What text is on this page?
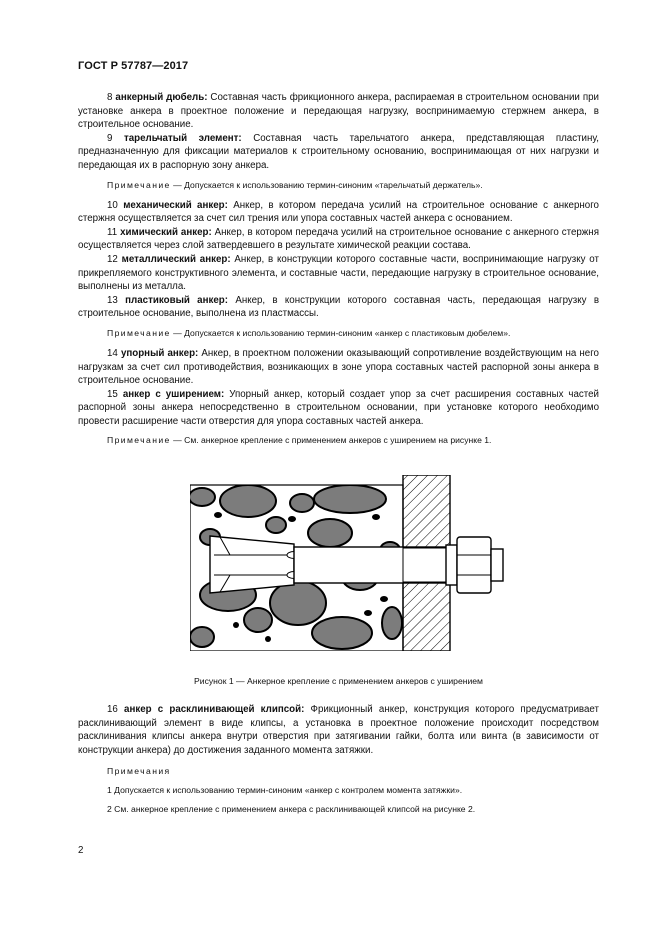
ГОСТ Р 57787—2017

8 анкерный дюбель: Составная часть фрикционного анкера, распираемая в строительном основании при установке анкера в проектное положение и передающая нагрузку, воспринимаемую стержнем анкера, в строительное основание.

9 тарельчатый элемент: Составная часть тарельчатого анкера, представляющая пластину, предназначенную для фиксации материалов к строительному основанию, воспринимающая от них нагрузки и передающая их в распорную зону анкера.

Примечание — Допускается к использованию термин-синоним «тарельчатый держатель».

10 механический анкер: Анкер, в котором передача усилий на строительное основание с анкерного стержня осуществляется за счет сил трения или упора составных частей анкера с основанием.

11 химический анкер: Анкер, в котором передача усилий на строительное основание с анкерного стержня осуществляется через слой затвердевшего в результате химической реакции состава.

12 металлический анкер: Анкер, в конструкции которого составные части, воспринимающие нагрузку от прикрепляемого конструктивного элемента, и составные части, передающие нагрузку в строительное основание, выполнены из металла.

13 пластиковый анкер: Анкер, в конструкции которого составная часть, передающая нагрузку в строительное основание, выполнена из пластмассы.

Примечание — Допускается к использованию термин-синоним «анкер с пластиковым дюбелем».

14 упорный анкер: Анкер, в проектном положении оказывающий сопротивление воздействующим на него нагрузкам за счет сил противодействия, возникающих в зоне упора составных частей распорной зоны анкера в строительное основание.

15 анкер с уширением: Упорный анкер, который создает упор за счет расширения составных частей распорной зоны анкера непосредственно в строительном основании, при установке которого необходимо провести расширение части отверстия для упора составных частей анкера.

Примечание — См. анкерное крепление с применением анкеров с уширением на рисунке 1.
Рисунок 1 — Анкерное крепление с применением анкеров с уширением

16 анкер с расклинивающей клипсой: Фрикционный анкер, конструкция которого предусматривает расклинивающий элемент в виде клипсы, а установка в проектное положение происходит посредством расклинивания клипсы анкера внутри отверстия при затягивании гайки, болта или винта (в зависимости от конструкции анкера) до достижения заданного момента затяжки.

Примечания
1 Допускается к использованию термин-синоним «анкер с контролем момента затяжки».
2 См. анкерное крепление с применением анкера с расклинивающей клипсой на рисунке 2.
2
